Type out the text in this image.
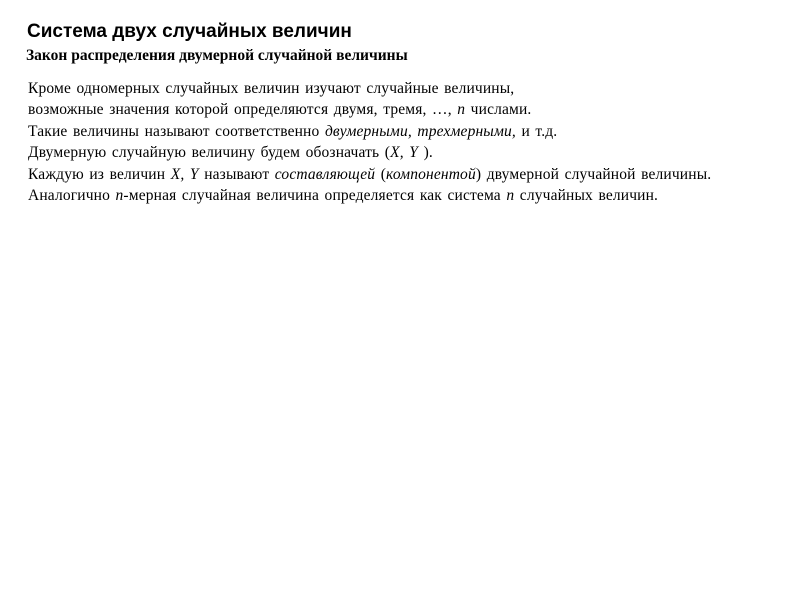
Система двух случайных величин
Закон распределения двумерной случайной величины
Кроме одномерных случайных величин изучают случайные величины,
возможные значения которой определяются двумя, тремя, …, n числами.
Такие величины называют соответственно двумерными, трехмерными, и т.д.
Двумерную случайную величину будем обозначать (X, Y ).
Каждую из величин X, Y называют составляющей (компонентой) двумерной случайной величины.
Аналогично n-мерная случайная величина определяется как система n случайных величин.
